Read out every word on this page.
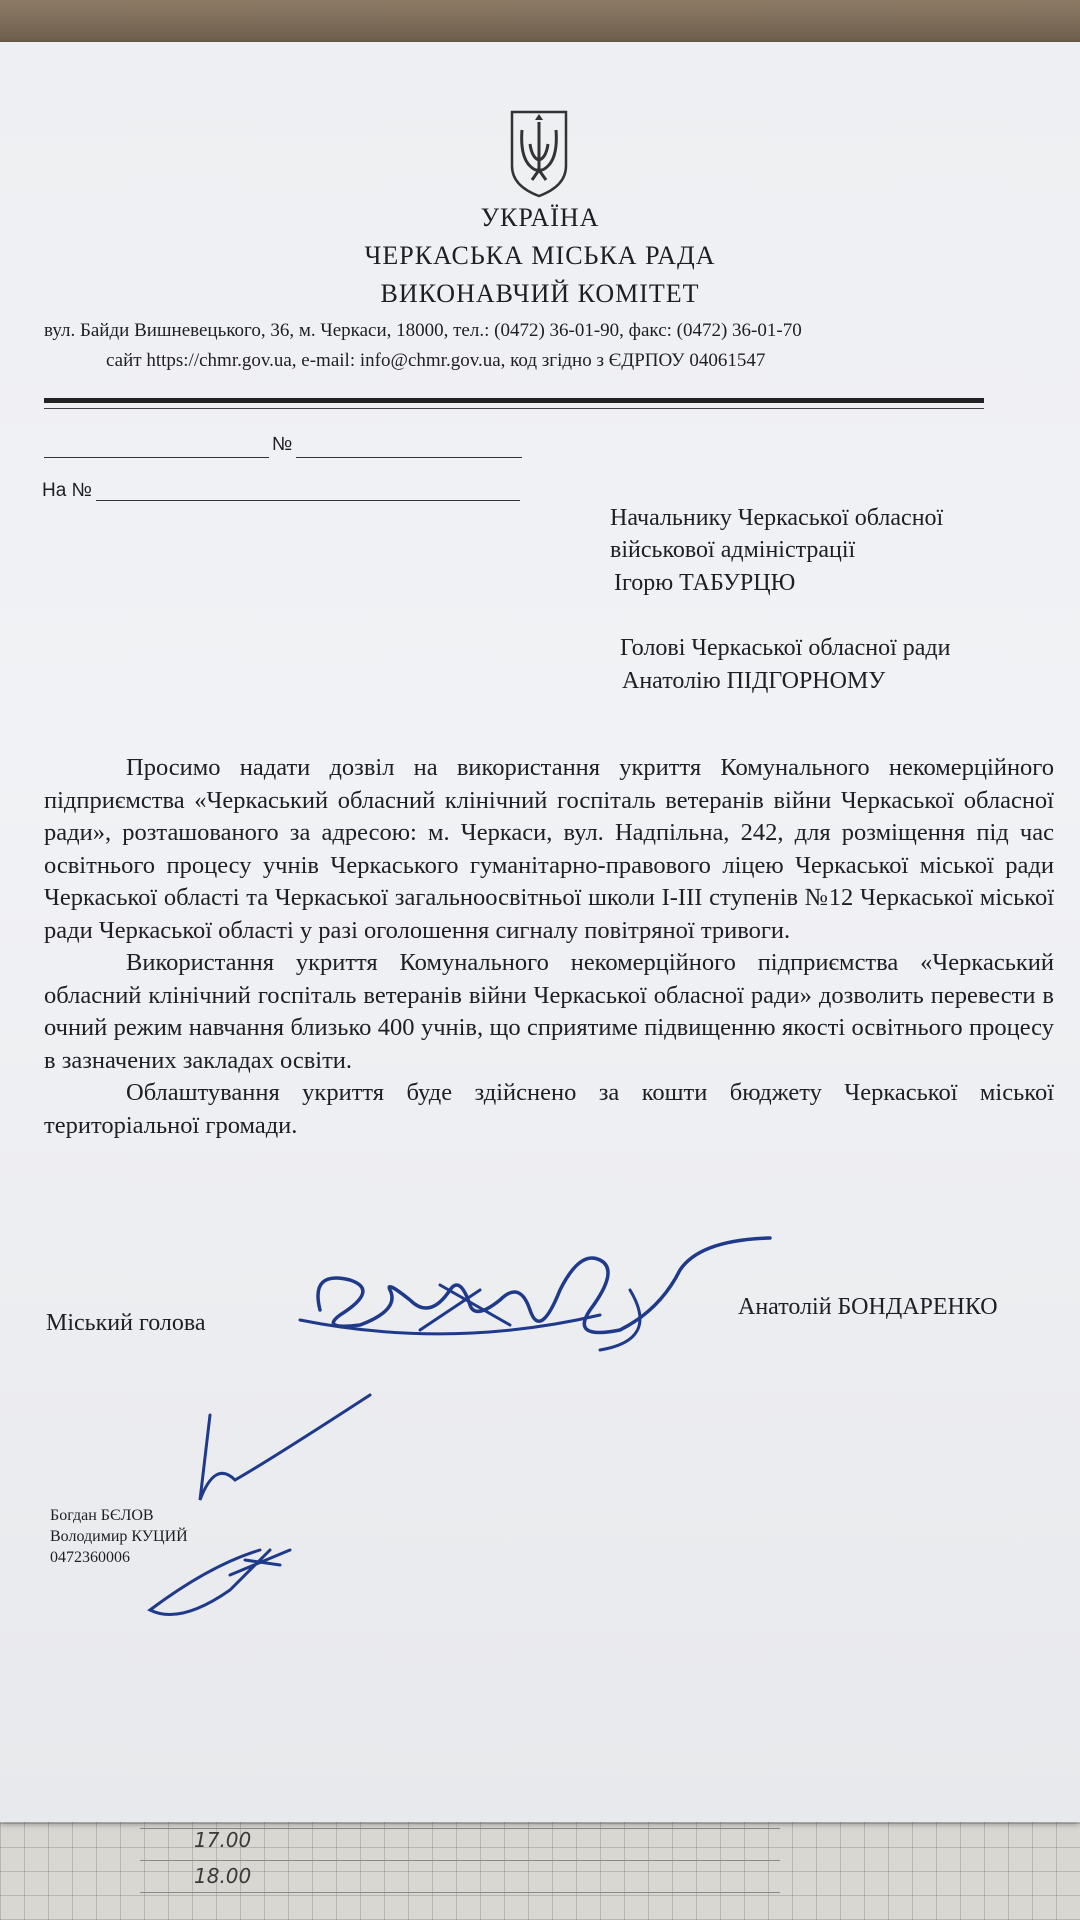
17.00
18.00
УКРАЇНА
ЧЕРКАСЬКА МІСЬКА РАДА
ВИКОНАВЧИЙ КОМІТЕТ
вул. Байди Вишневецького, 36, м. Черкаси, 18000, тел.: (0472) 36-01-90, факс: (0472) 36-01-70
сайт https://chmr.gov.ua, e-mail: info@chmr.gov.ua, код згідно з ЄДРПОУ 04061547
№
На №
Начальнику Черкаської обласної
військової адміністрації
Ігорю ТАБУРЦЮ
Голові Черкаської обласної ради
Анатолію ПІДГОРНОМУ

Просимо надати дозвіл на використання укриття Комунального некомерційного підприємства «Черкаський обласний клінічний госпіталь ветеранів війни Черкаської обласної ради», розташованого за адресою: м. Черкаси, вул. Надпільна, 242, для розміщення під час освітнього процесу учнів Черкаського гуманітарно-правового ліцею Черкаської міської ради Черкаської області та Черкаської загальноосвітньої школи І-ІІІ ступенів №12 Черкаської міської ради Черкаської області у разі оголошення сигналу повітряної тривоги.

Використання укриття Комунального некомерційного підприємства «Черкаський обласний клінічний госпіталь ветеранів війни Черкаської обласної ради» дозволить перевести в очний режим навчання близько 400 учнів, що сприятиме підвищенню якості освітнього процесу в зазначених закладах освіти.

Облаштування укриття буде здійснено за кошти бюджету Черкаської міської територіальної громади.

Міський голова
Анатолій БОНДАРЕНКО
Богдан БЄЛОВ
Володимир КУЦИЙ
0472360006
